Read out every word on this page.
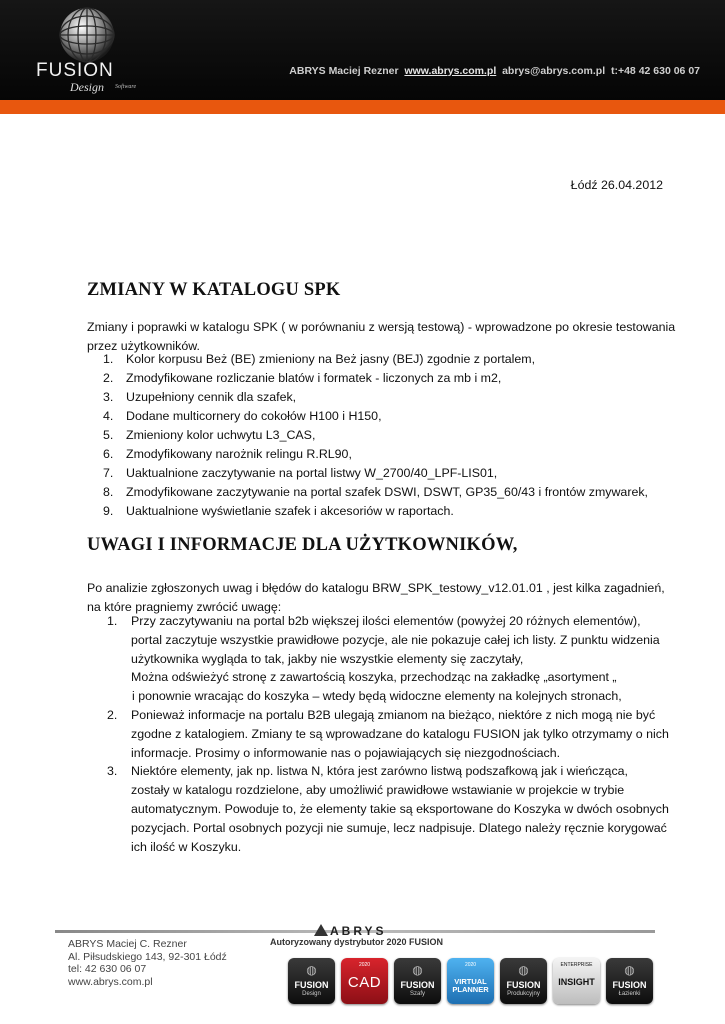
FUSION
Design Software
ABRYS Maciej Rezner www.abrys.com.pl abrys@abrys.com.pl t:+48 42 630 06 07
Łódź 26.04.2012
ZMIANY W KATALOGU SPK
Zmiany i poprawki w katalogu SPK ( w porównaniu z wersją testową) - wprowadzone po okresie testowania przez użytkowników.
1. Kolor korpusu Beż (BE) zmieniony na Beż jasny (BEJ) zgodnie z portalem,
2. Zmodyfikowane rozliczanie blatów i formatek - liczonych za mb i m2,
3. Uzupełniony cennik dla szafek,
4. Dodane multicornery do cokołów H100 i H150,
5. Zmieniony kolor uchwytu L3_CAS,
6. Zmodyfikowany narożnik relingu R.RL90,
7. Uaktualnione zaczytywanie na portal listwy W_2700/40_LPF-LIS01,
8. Zmodyfikowane zaczytywanie na portal szafek DSWI, DSWT, GP35_60/43 i frontów zmywarek,
9. Uaktualnione wyświetlanie szafek i akcesoriów w raportach.
UWAGI I INFORMACJE DLA UŻYTKOWNIKÓW,
Po analizie zgłoszonych uwag i błędów do katalogu BRW_SPK_testowy_v12.01.01 , jest kilka zagadnień, na które pragniemy zwrócić uwagę:
1. Przy zaczytywaniu na portal b2b większej ilości elementów (powyżej 20 różnych elementów),
portal zaczytuje wszystkie prawidłowe pozycje, ale nie pokazuje całej ich listy. Z punktu widzenia
użytkownika wygląda to tak, jakby nie wszystkie elementy się zaczytały,
Można odświeżyć stronę z zawartością koszyka, przechodząc na zakładkę „asortyment „
i ponownie wracając do koszyka – wtedy będą widoczne elementy na kolejnych stronach,
2. Ponieważ informacje na portalu B2B ulegają zmianom na bieżąco, niektóre z nich mogą nie być
zgodne z katalogiem. Zmiany te są wprowadzane do katalogu FUSION jak tylko otrzymamy o nich
informacje. Prosimy o informowanie nas o pojawiających się niezgodnościach.
3. Niektóre elementy, jak np. listwa N, która jest zarówno listwą podszafkową jak i wieńcząca,
zostały w katalogu rozdzielone, aby umożliwić prawidłowe wstawianie w projekcie w trybie
automatycznym. Powoduje to, że elementy takie są eksportowane do Koszyka w dwóch osobnych
pozycjach. Portal osobnych pozycji nie sumuje, lecz nadpisuje. Dlatego należy ręcznie korygować
ich ilość w Koszyku.
ABRYS
Autoryzowany dystrybutor 2020 FUSION
ABRYS Maciej C. Rezner
Al. Piłsudskiego 143, 92-301 Łódź
tel: 42 630 06 07
www.abrys.com.pl
◍
FUSION
Design
2020
CAD
◍
FUSION
Szafy
2020
VIRTUAL PLANNER
◍
FUSION
Produkcyjny
ENTERPRISE
INSIGHT
◍
FUSION
Łazienki
